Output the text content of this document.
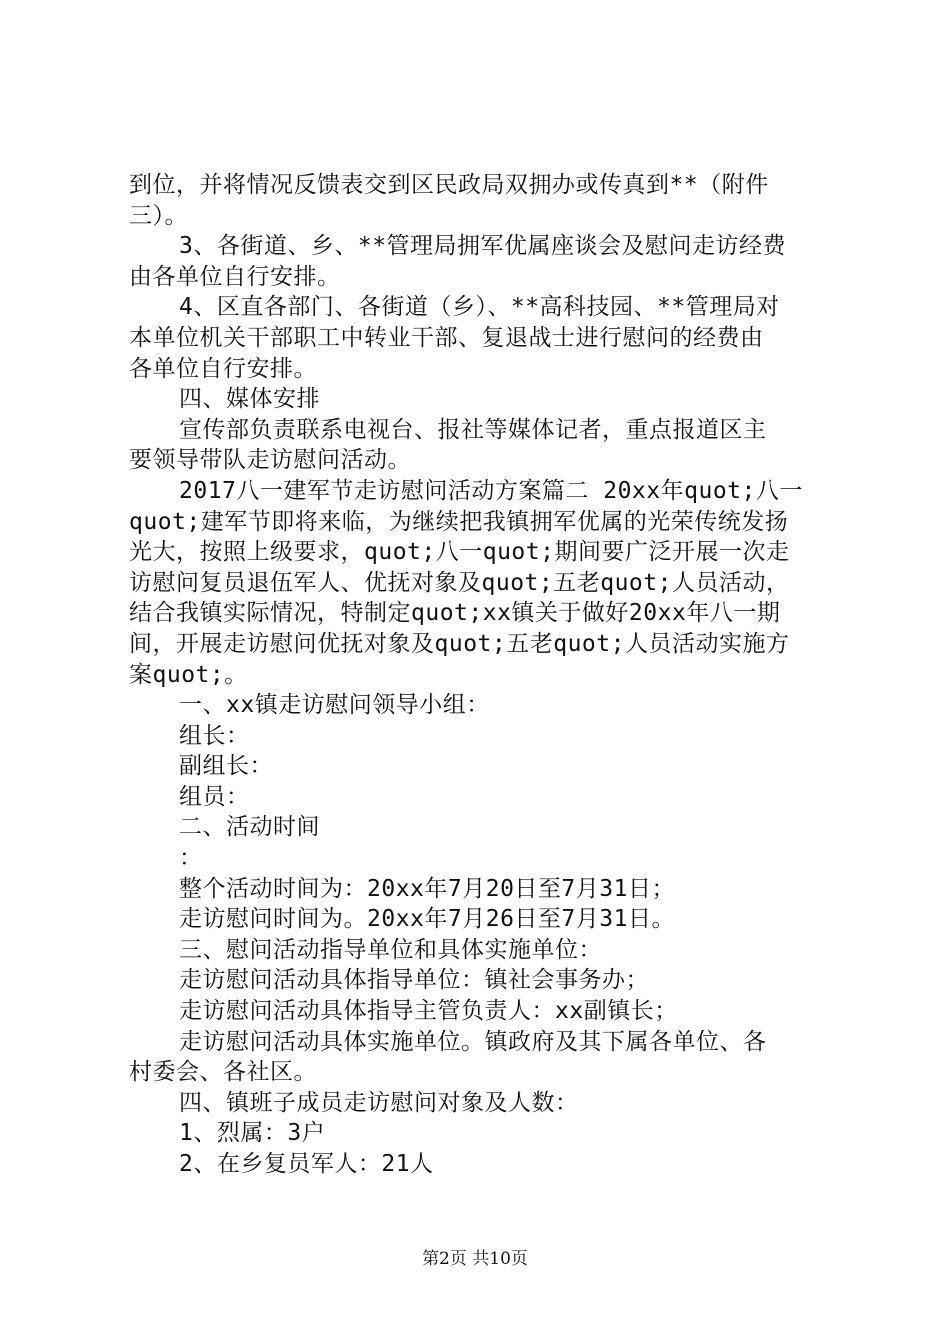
到位，并将情况反馈表交到区民政局双拥办或传真到**（附件
三）。
3、各街道、乡、**管理局拥军优属座谈会及慰问走访经费
由各单位自行安排。
4、区直各部门、各街道（乡）、**高科技园、**管理局对
本单位机关干部职工中转业干部、复退战士进行慰问的经费由
各单位自行安排。
四、媒体安排
宣传部负责联系电视台、报社等媒体记者，重点报道区主
要领导带队走访慰问活动。
2017八一建军节走访慰问活动方案篇二 20xx年quot;八一
quot;建军节即将来临，为继续把我镇拥军优属的光荣传统发扬
光大，按照上级要求，quot;八一quot;期间要广泛开展一次走
访慰问复员退伍军人、优抚对象及quot;五老quot;人员活动，
结合我镇实际情况，特制定quot;xx镇关于做好20xx年八一期
间，开展走访慰问优抚对象及quot;五老quot;人员活动实施方
案quot;。
一、xx镇走访慰问领导小组：
组长：
副组长：
组员：
二、活动时间
：
整个活动时间为：20xx年7月20日至7月31日；
走访慰问时间为。20xx年7月26日至7月31日。
三、慰问活动指导单位和具体实施单位：
走访慰问活动具体指导单位：镇社会事务办；
走访慰问活动具体指导主管负责人：xx副镇长；
走访慰问活动具体实施单位。镇政府及其下属各单位、各
村委会、各社区。
四、镇班子成员走访慰问对象及人数：
1、烈属：3户
2、在乡复员军人：21人
第2页 共10页
